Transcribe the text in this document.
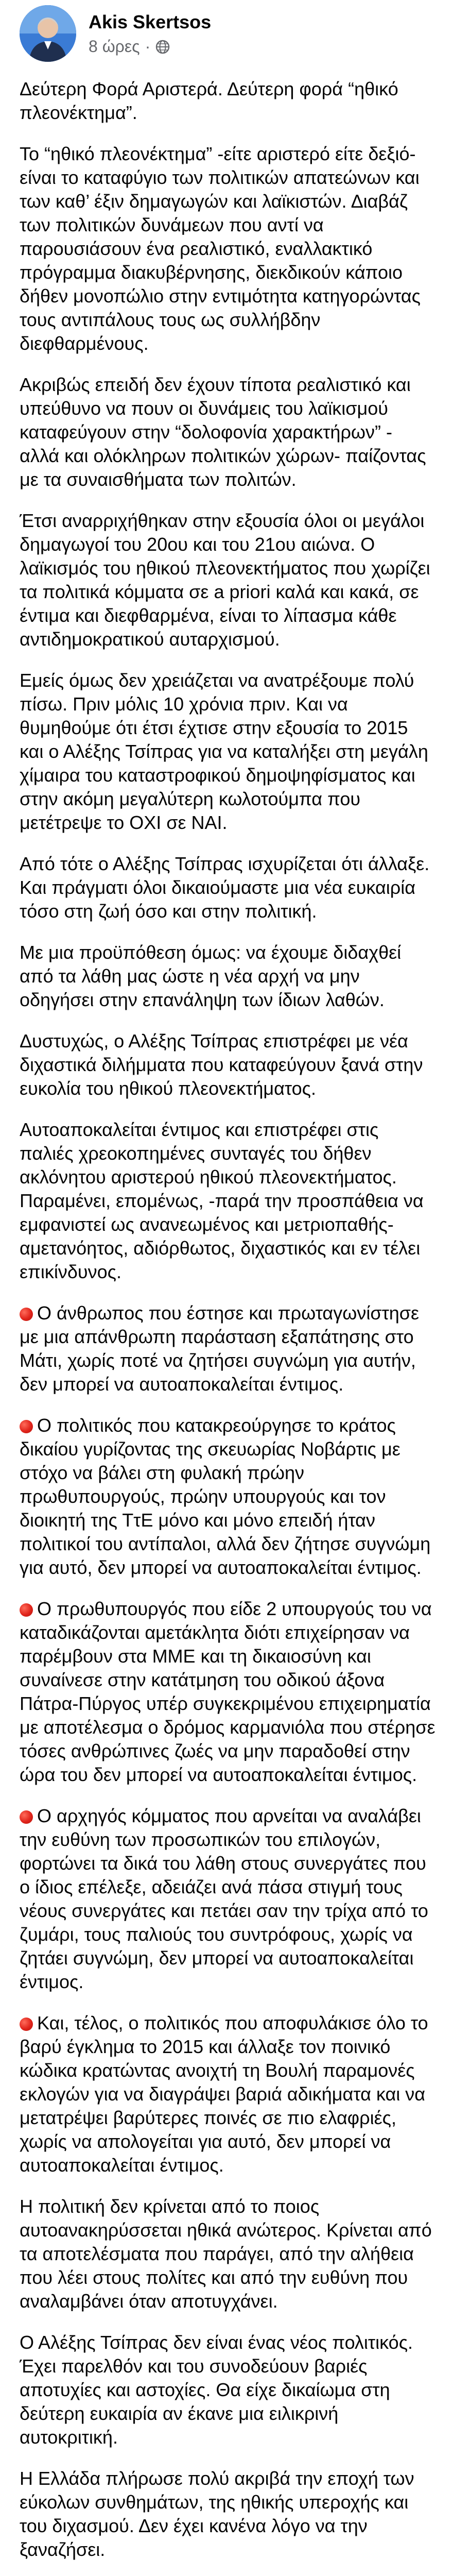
Akis Skertsos
8 ώρες ·

Δεύτερη Φορά Αριστερά. Δεύτερη φορά “ηθικό πλεονέκτημα”.

Το “ηθικό πλεονέκτημα” -είτε αριστερό είτε δεξιό- είναι το καταφύγιο των πολιτικών απατεώνων και των καθ’ έξιν δημαγωγών και λαϊκιστών. Διαβάζ των πολιτικών δυνάμεων που αντί να παρουσιάσουν ένα ρεαλιστικό, εναλλακτικό πρόγραμμα διακυβέρνησης, διεκδικούν κάποιο δήθεν μονοπώλιο στην εντιμότητα κατηγορώντας τους αντιπάλους τους ως συλλήβδην διεφθαρμένους.

Ακριβώς επειδή δεν έχουν τίποτα ρεαλιστικό και υπεύθυνο να πουν οι δυνάμεις του λαϊκισμού καταφεύγουν στην “δολοφονία χαρακτήρων” - αλλά και ολόκληρων πολιτικών χώρων- παίζοντας με τα συναισθήματα των πολιτών.

Έτσι αναρριχήθηκαν στην εξουσία όλοι οι μεγάλοι δημαγωγοί του 20ου και του 21ου αιώνα. Ο λαϊκισμός του ηθικού πλεονεκτήματος που χωρίζει τα πολιτικά κόμματα σε a priori καλά και κακά, σε έντιμα και διεφθαρμένα, είναι το λίπασμα κάθε αντιδημοκρατικού αυταρχισμού.

Εμείς όμως δεν χρειάζεται να ανατρέξουμε πολύ πίσω. Πριν μόλις 10 χρόνια πριν. Και να θυμηθούμε ότι έτσι έχτισε στην εξουσία το 2015 και ο Αλέξης Τσίπρας για να καταλήξει στη μεγάλη χίμαιρα του καταστροφικού δημοψηφίσματος και στην ακόμη μεγαλύτερη κωλοτούμπα που μετέτρεψε το ΟΧΙ σε ΝΑΙ.

Από τότε ο Αλέξης Τσίπρας ισχυρίζεται ότι άλλαξε. Και πράγματι όλοι δικαιούμαστε μια νέα ευκαιρία τόσο στη ζωή όσο και στην πολιτική.

Με μια προϋπόθεση όμως: να έχουμε διδαχθεί από τα λάθη μας ώστε η νέα αρχή να μην οδηγήσει στην επανάληψη των ίδιων λαθών.

Δυστυχώς, ο Αλέξης Τσίπρας επιστρέφει με νέα διχαστικά διλήμματα που καταφεύγουν ξανά στην ευκολία του ηθικού πλεονεκτήματος.

Αυτοαποκαλείται έντιμος και επιστρέφει στις παλιές χρεοκοπημένες συνταγές του δήθεν ακλόνητου αριστερού ηθικού πλεονεκτήματος. Παραμένει, επομένως, -παρά την προσπάθεια να εμφανιστεί ως ανανεωμένος και μετριοπαθής-αμετανόητος, αδιόρθωτος, διχαστικός και εν τέλει επικίνδυνος.

Ο άνθρωπος που έστησε και πρωταγωνίστησε με μια απάνθρωπη παράσταση εξαπάτησης στο Μάτι, χωρίς ποτέ να ζητήσει συγνώμη για αυτήν, δεν μπορεί να αυτοαποκαλείται έντιμος.

Ο πολιτικός που κατακρεούργησε το κράτος δικαίου γυρίζοντας της σκευωρίας Νοβάρτις με στόχο να βάλει στη φυλακή πρώην πρωθυπουργούς, πρώην υπουργούς και τον διοικητή της ΤτΕ μόνο και μόνο επειδή ήταν πολιτικοί του αντίπαλοι, αλλά δεν ζήτησε συγνώμη για αυτό, δεν μπορεί να αυτοαποκαλείται έντιμος.

Ο πρωθυπουργός που είδε 2 υπουργούς του να καταδικάζονται αμετάκλητα διότι επιχείρησαν να παρέμβουν στα ΜΜΕ και τη δικαιοσύνη και συναίνεσε στην κατάτμηση του οδικού άξονα Πάτρα-Πύργος υπέρ συγκεκριμένου επιχειρηματία με αποτέλεσμα ο δρόμος καρμανιόλα που στέρησε τόσες ανθρώπινες ζωές να μην παραδοθεί στην ώρα του δεν μπορεί να αυτοαποκαλείται έντιμος.

Ο αρχηγός κόμματος που αρνείται να αναλάβει την ευθύνη των προσωπικών του επιλογών, φορτώνει τα δικά του λάθη στους συνεργάτες που ο ίδιος επέλεξε, αδειάζει ανά πάσα στιγμή τους νέους συνεργάτες και πετάει σαν την τρίχα από το ζυμάρι, τους παλιούς του συντρόφους, χωρίς να ζητάει συγνώμη, δεν μπορεί να αυτοαποκαλείται έντιμος.

Και, τέλος, ο πολιτικός που αποφυλάκισε όλο το βαρύ έγκλημα το 2015 και άλλαξε τον ποινικό κώδικα κρατώντας ανοιχτή τη Βουλή παραμονές εκλογών για να διαγράψει βαριά αδικήματα και να μετατρέψει βαρύτερες ποινές σε πιο ελαφριές, χωρίς να απολογείται για αυτό, δεν μπορεί να αυτοαποκαλείται έντιμος.

Η πολιτική δεν κρίνεται από το ποιος αυτοανακηρύσσεται ηθικά ανώτερος. Κρίνεται από τα αποτελέσματα που παράγει, από την αλήθεια που λέει στους πολίτες και από την ευθύνη που αναλαμβάνει όταν αποτυγχάνει.

Ο Αλέξης Τσίπρας δεν είναι ένας νέος πολιτικός. Έχει παρελθόν και του συνοδεύουν βαριές αποτυχίες και αστοχίες. Θα είχε δικαίωμα στη δεύτερη ευκαιρία αν έκανε μια ειλικρινή αυτοκριτική.

Η Ελλάδα πλήρωσε πολύ ακριβά την εποχή των εύκολων συνθημάτων, της ηθικής υπεροχής και του διχασμού. Δεν έχει κανένα λόγο να την ξαναζήσει.
